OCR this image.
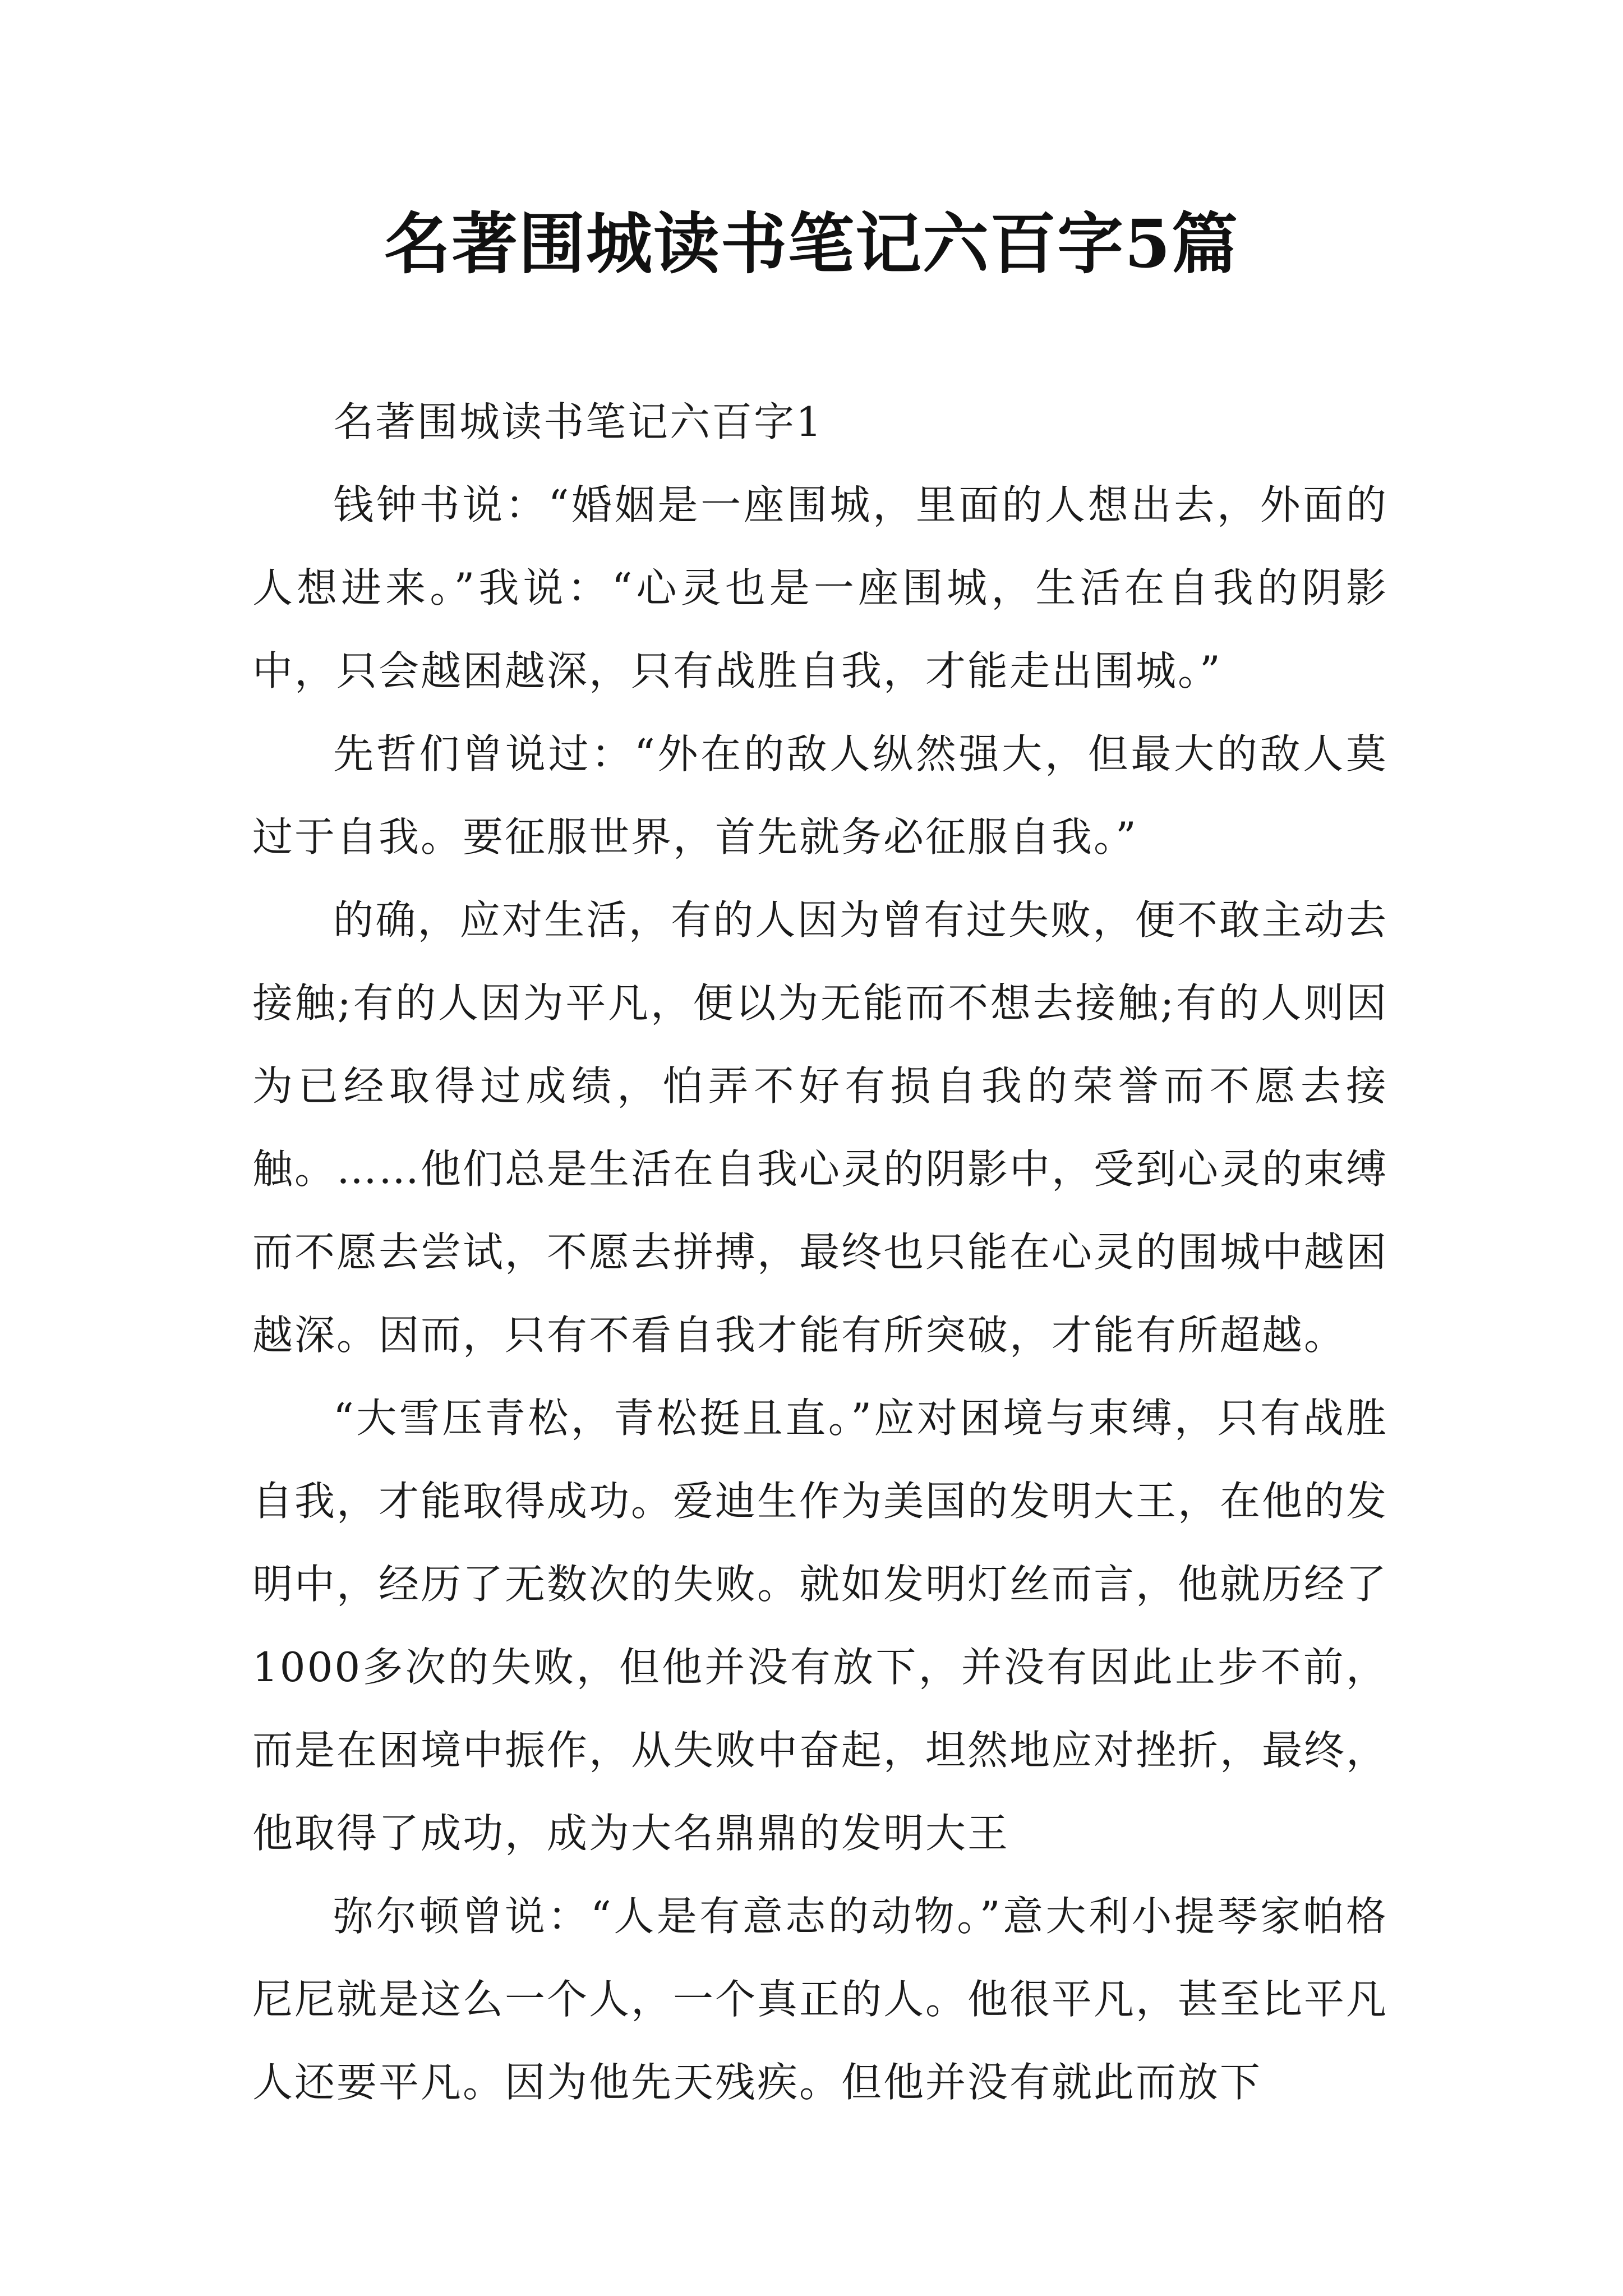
名著围城读书笔记六百字5篇

名著围城读书笔记六百字1

钱钟书说：“婚姻是一座围城，里面的人想出去，外面的人想进来。”我说：“心灵也是一座围城，生活在自我的阴影中，只会越困越深，只有战胜自我，才能走出围城。”

先哲们曾说过：“外在的敌人纵然强大，但最大的敌人莫过于自我。要征服世界，首先就务必征服自我。”

的确，应对生活，有的人因为曾有过失败，便不敢主动去接触;有的人因为平凡，便以为无能而不想去接触;有的人则因为已经取得过成绩，怕弄不好有损自我的荣誉而不愿去接触。……他们总是生活在自我心灵的阴影中，受到心灵的束缚而不愿去尝试，不愿去拼搏，最终也只能在心灵的围城中越困越深。因而，只有不看自我才能有所突破，才能有所超越。

“大雪压青松，青松挺且直。”应对困境与束缚，只有战胜自我，才能取得成功。爱迪生作为美国的发明大王，在他的发明中，经历了无数次的失败。就如发明灯丝而言，他就历经了1000多次的失败，但他并没有放下，并没有因此止步不前，而是在困境中振作，从失败中奋起，坦然地应对挫折，最终，他取得了成功，成为大名鼎鼎的发明大王

弥尔顿曾说：“人是有意志的动物。”意大利小提琴家帕格尼尼就是这么一个人，一个真正的人。他很平凡，甚至比平凡人还要平凡。因为他先天残疾。但他并没有就此而放下
